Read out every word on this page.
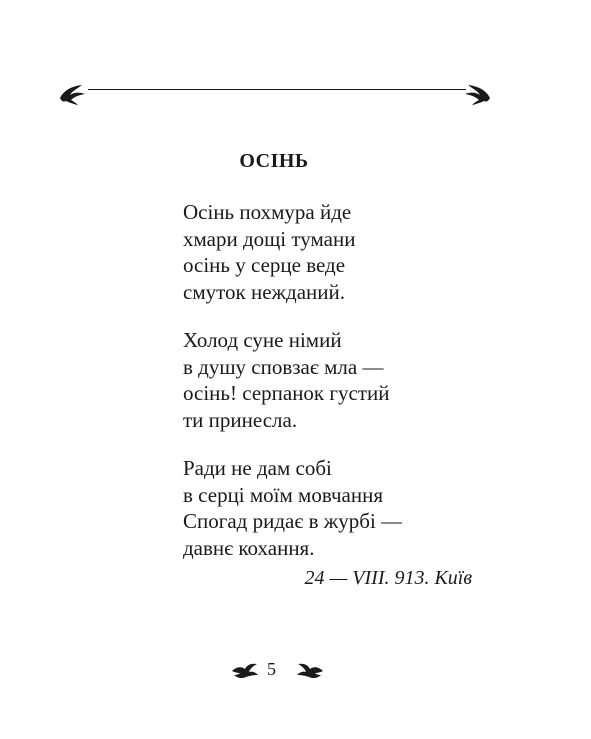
ОСІНЬ
Осінь похмура йде
хмари дощі тумани
осінь у серце веде
смуток нежданий.
Холод суне німий
в душу сповзає мла —
осінь! серпанок густий
ти принесла.
Ради не дам собі
в серці моїм мовчання
Спогад ридає в журбі —
давнє кохання.
24 — VIII. 913. Київ
5
